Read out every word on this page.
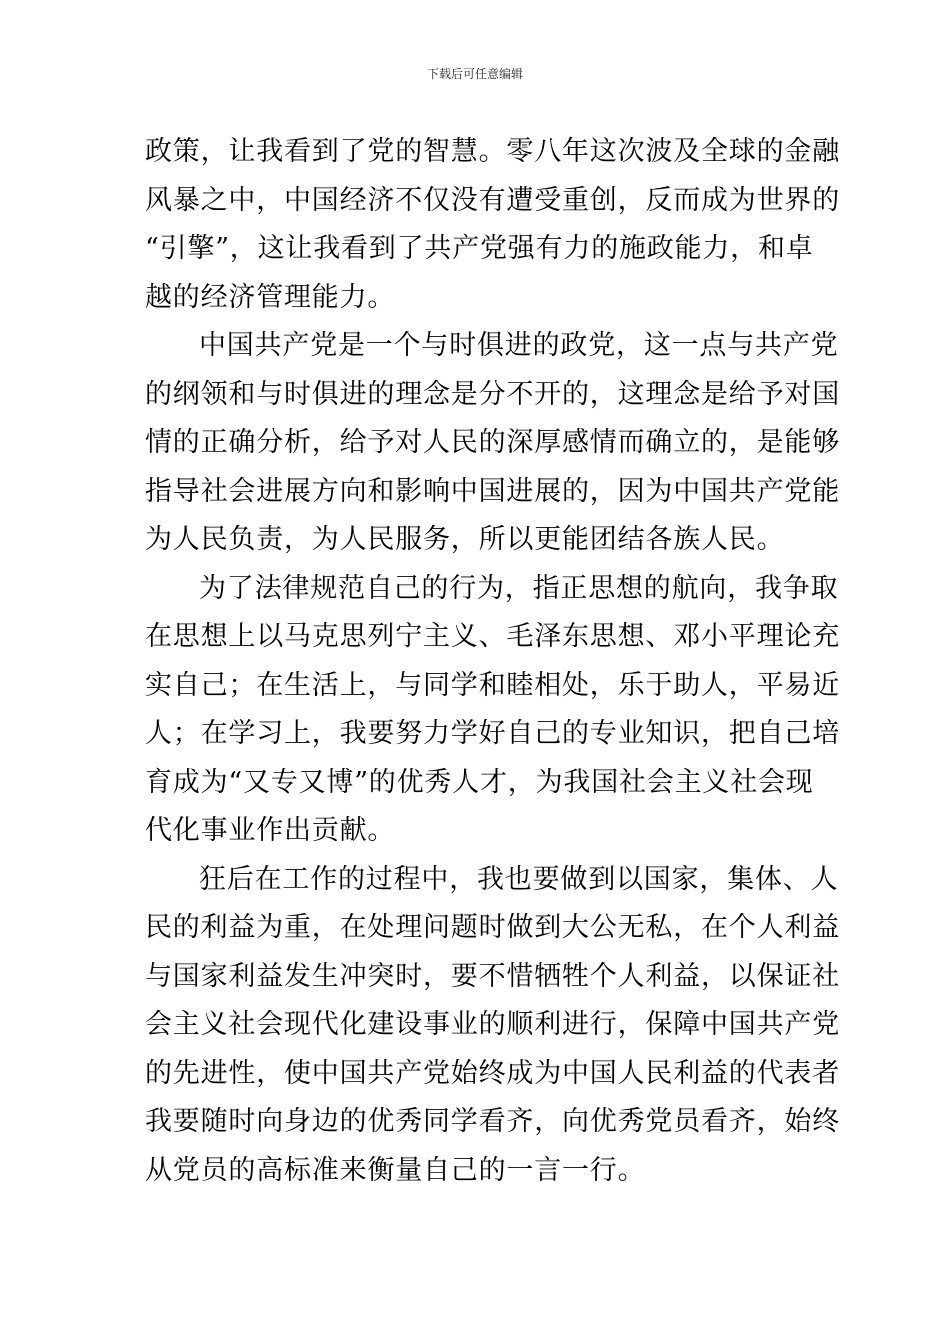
下载后可任意编辑
政策，让我看到了党的智慧。零八年这次波及全球的金融
风暴之中，中国经济不仅没有遭受重创，反而成为世界的
“引擎”，这让我看到了共产党强有力的施政能力，和卓
越的经济管理能力。
中国共产党是一个与时俱进的政党，这一点与共产党
的纲领和与时俱进的理念是分不开的，这理念是给予对国
情的正确分析，给予对人民的深厚感情而确立的，是能够
指导社会进展方向和影响中国进展的，因为中国共产党能
为人民负责，为人民服务，所以更能团结各族人民。
为了法律规范自己的行为，指正思想的航向，我争取
在思想上以马克思列宁主义、毛泽东思想、邓小平理论充
实自己；在生活上，与同学和睦相处，乐于助人，平易近
人；在学习上，我要努力学好自己的专业知识，把自己培
育成为“又专又博”的优秀人才，为我国社会主义社会现
代化事业作出贡献。
狂后在工作的过程中，我也要做到以国家，集体、人
民的利益为重，在处理问题时做到大公无私，在个人利益
与国家利益发生冲突时，要不惜牺牲个人利益，以保证社
会主义社会现代化建设事业的顺利进行，保障中国共产党
的先进性，使中国共产党始终成为中国人民利益的代表者
我要随时向身边的优秀同学看齐，向优秀党员看齐，始终
从党员的高标准来衡量自己的一言一行。
